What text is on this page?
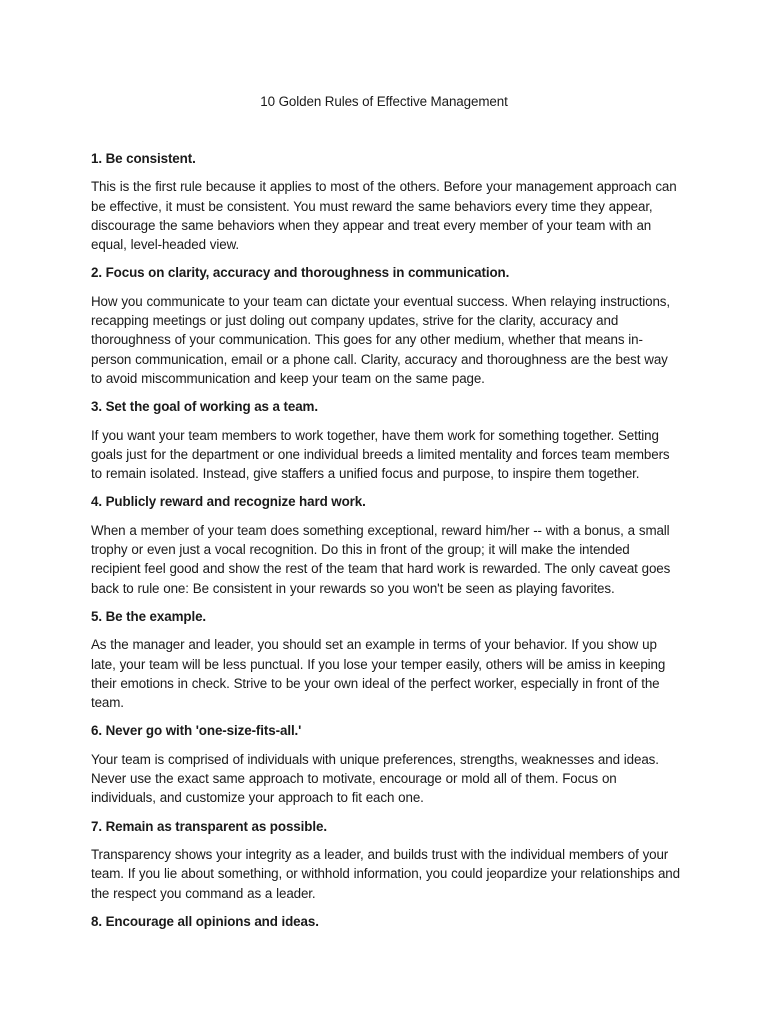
10 Golden Rules of Effective Management
1. Be consistent.
This is the first rule because it applies to most of the others. Before your management approach can be effective, it must be consistent. You must reward the same behaviors every time they appear, discourage the same behaviors when they appear and treat every member of your team with an equal, level-headed view.
2. Focus on clarity, accuracy and thoroughness in communication.
How you communicate to your team can dictate your eventual success. When relaying instructions, recapping meetings or just doling out company updates, strive for the clarity, accuracy and thoroughness of your communication. This goes for any other medium, whether that means in-person communication, email or a phone call. Clarity, accuracy and thoroughness are the best way to avoid miscommunication and keep your team on the same page.
3. Set the goal of working as a team.
If you want your team members to work together, have them work for something together. Setting goals just for the department or one individual breeds a limited mentality and forces team members to remain isolated. Instead, give staffers a unified focus and purpose, to inspire them together.
4. Publicly reward and recognize hard work.
When a member of your team does something exceptional, reward him/her -- with a bonus, a small trophy or even just a vocal recognition. Do this in front of the group; it will make the intended recipient feel good and show the rest of the team that hard work is rewarded. The only caveat goes back to rule one: Be consistent in your rewards so you won't be seen as playing favorites.
5. Be the example.
As the manager and leader, you should set an example in terms of your behavior. If you show up late, your team will be less punctual. If you lose your temper easily, others will be amiss in keeping their emotions in check. Strive to be your own ideal of the perfect worker, especially in front of the team.
6. Never go with 'one-size-fits-all.'
Your team is comprised of individuals with unique preferences, strengths, weaknesses and ideas. Never use the exact same approach to motivate, encourage or mold all of them. Focus on individuals, and customize your approach to fit each one.
7. Remain as transparent as possible.
Transparency shows your integrity as a leader, and builds trust with the individual members of your team. If you lie about something, or withhold information, you could jeopardize your relationships and the respect you command as a leader.
8. Encourage all opinions and ideas.
